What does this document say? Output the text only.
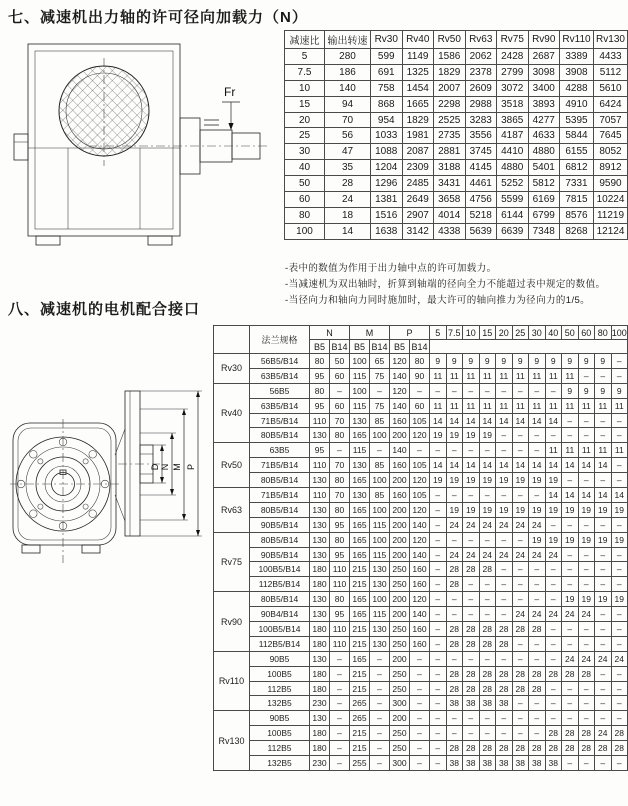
七、减速机出力轴的许可径向加载力（N）
Fr
减速比	输出转速	Rv30	Rv40	Rv50	Rv63	Rv75	Rv90	Rv110	Rv130
5	280	599	1149	1586	2062	2428	2687	3389	4433
7.5	186	691	1325	1829	2378	2799	3098	3908	5112
10	140	758	1454	2007	2609	3072	3400	4288	5610
15	94	868	1665	2298	2988	3518	3893	4910	6424
20	70	954	1829	2525	3283	3865	4277	5395	7057
25	56	1033	1981	2735	3556	4187	4633	5844	7645
30	47	1088	2087	2881	3745	4410	4880	6155	8052
40	35	1204	2309	3188	4145	4880	5401	6812	8912
50	28	1296	2485	3431	4461	5252	5812	7331	9590
60	24	1381	2649	3658	4756	5599	6169	7815	10224
80	18	1516	2907	4014	5218	6144	6799	8576	11219
100	14	1638	3142	4338	5639	6639	7348	8268	12124
-表中的数值为作用于出力轴中点的许可加载力。
-当减速机为双出轴时，折算到轴端的径向全力不能超过表中规定的数值。
-当径向力和轴向力同时施加时，最大许可的轴向推力为径向力的1/5。
八、减速机的电机配合接口
D N M P
	法兰规格	N		M		P		5	7.5	10	15	20	25	30	40	50	60	80	100
		B5	B14	B5	B14	B5	B14												
Rv30	56B5/B14	80	50	100	65	120	80	9	9	9	9	9	9	9	9	9	9	9	–
	63B5/B14	95	60	115	75	140	90	11	11	11	11	11	11	11	11	11	–	–	–
Rv40	56B5	80	–	100	–	120	–	–	–	–	–	–	–	–	–	9	9	9	9
	63B5/B14	95	60	115	75	140	60	11	11	11	11	11	11	11	11	11	11	11	11
	71B5/B14	110	70	130	85	160	105	14	14	14	14	14	14	14	14	–	–	–	–
	80B5/B14	130	80	165	100	200	120	19	19	19	19	–	–	–	–	–	–	–	–
Rv50	63B5	95	–	115	–	140	–	–	–	–	–	–	–	–	11	11	11	11	11
	71B5/B14	110	70	130	85	160	105	14	14	14	14	14	14	14	14	14	14	14	–
	80B5/B14	130	80	165	100	200	120	19	19	19	19	19	19	19	19	–	–	–	–
Rv63	71B5/B14	110	70	130	85	160	105	–	–	–	–	–	–	–	14	14	14	14	14
	80B5/B14	130	80	165	100	200	120	–	19	19	19	19	19	19	19	19	19	19	19
	90B5/B14	130	95	165	115	200	140	–	24	24	24	24	24	24	–	–	–	–	–
Rv75	80B5/B14	130	80	165	100	200	120	–	–	–	–	–	–	19	19	19	19	19	19
	90B5/B14	130	95	165	115	200	140	–	24	24	24	24	24	24	24	–	–	–	–
	100B5/B14	180	110	215	130	250	160	–	28	28	28	–	–	–	–	–	–	–	–
	112B5/B14	180	110	215	130	250	160	–	28	–	–	–	–	–	–	–	–	–	–
Rv90	80B5/B14	130	80	165	100	200	120	–	–	–	–	–	–	–	–	19	19	19	19
	90B4/B14	130	95	165	115	200	140	–	–	–	–	–	24	24	24	24	24	–	–
	100B5/B14	180	110	215	130	250	160	–	28	28	28	28	28	28	–	–	–	–	–
	112B5/B14	180	110	215	130	250	160	–	28	28	28	28	–	–	–	–	–	–	–
Rv110	90B5	130	–	165	–	200	–	–	–	–	–	–	–	–	–	24	24	24	24
	100B5	180	–	215	–	250	–	–	28	28	28	28	28	28	28	28	28	–	–
	112B5	180	–	215	–	250	–	–	28	28	28	28	28	28	–	–	–	–	–
	132B5	230	–	265	–	300	–	–	38	38	38	38	–	–	–	–	–	–	–
Rv130	90B5	130	–	265	–	200	–	–	–	–	–	–	–	–	–	–	–	–	–
	100B5	180	–	215	–	250	–	–	–	–	–	–	–	–	28	28	28	24	28
	112B5	180	–	215	–	250	–	–	28	28	28	28	28	28	28	28	28	28	28
	132B5	230	–	255	–	300	–	–	38	38	38	38	38	38	38	–	–	–	–
